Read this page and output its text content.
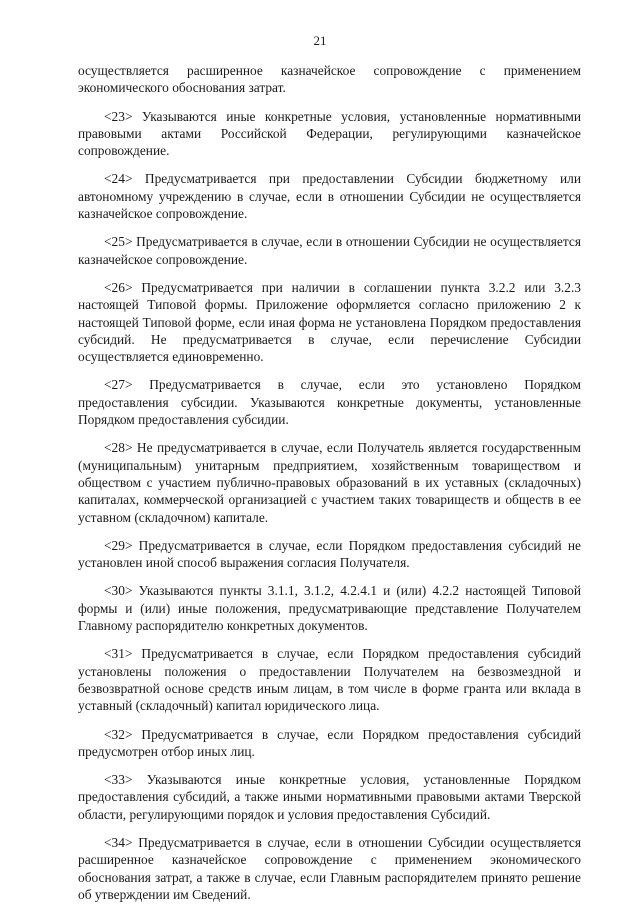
21

осуществляется расширенное казначейское сопровождение с применением экономического обоснования затрат.

<23> Указываются иные конкретные условия, установленные нормативными правовыми актами Российской Федерации, регулирующими казначейское сопровождение.

<24> Предусматривается при предоставлении Субсидии бюджетному или автономному учреждению в случае, если в отношении Субсидии не осуществляется казначейское сопровождение.

<25> Предусматривается в случае, если в отношении Субсидии не осуществляется казначейское сопровождение.

<26> Предусматривается при наличии в соглашении пункта 3.2.2 или 3.2.3 настоящей Типовой формы. Приложение оформляется согласно приложению 2 к настоящей Типовой форме, если иная форма не установлена Порядком предоставления субсидий. Не предусматривается в случае, если перечисление Субсидии осуществляется единовременно.

<27> Предусматривается в случае, если это установлено Порядком предоставления субсидии. Указываются конкретные документы, установленные Порядком предоставления субсидии.

<28> Не предусматривается в случае, если Получатель является государственным (муниципальным) унитарным предприятием, хозяйственным товариществом и обществом с участием публично-правовых образований в их уставных (складочных) капиталах, коммерческой организацией с участием таких товариществ и обществ в ее уставном (складочном) капитале.

<29> Предусматривается в случае, если Порядком предоставления субсидий не установлен иной способ выражения согласия Получателя.

<30> Указываются пункты 3.1.1, 3.1.2, 4.2.4.1 и (или) 4.2.2 настоящей Типовой формы и (или) иные положения, предусматривающие представление Получателем Главному распорядителю конкретных документов.

<31> Предусматривается в случае, если Порядком предоставления субсидий установлены положения о предоставлении Получателем на безвозмездной и безвозвратной основе средств иным лицам, в том числе в форме гранта или вклада в уставный (складочный) капитал юридического лица.

<32> Предусматривается в случае, если Порядком предоставления субсидий предусмотрен отбор иных лиц.

<33> Указываются иные конкретные условия, установленные Порядком предоставления субсидий, а также иными нормативными правовыми актами Тверской области, регулирующими порядок и условия предоставления Субсидий.

<34> Предусматривается в случае, если в отношении Субсидии осуществляется расширенное казначейское сопровождение с применением экономического обоснования затрат, а также в случае, если Главным распорядителем принято решение об утверждении им Сведений.
